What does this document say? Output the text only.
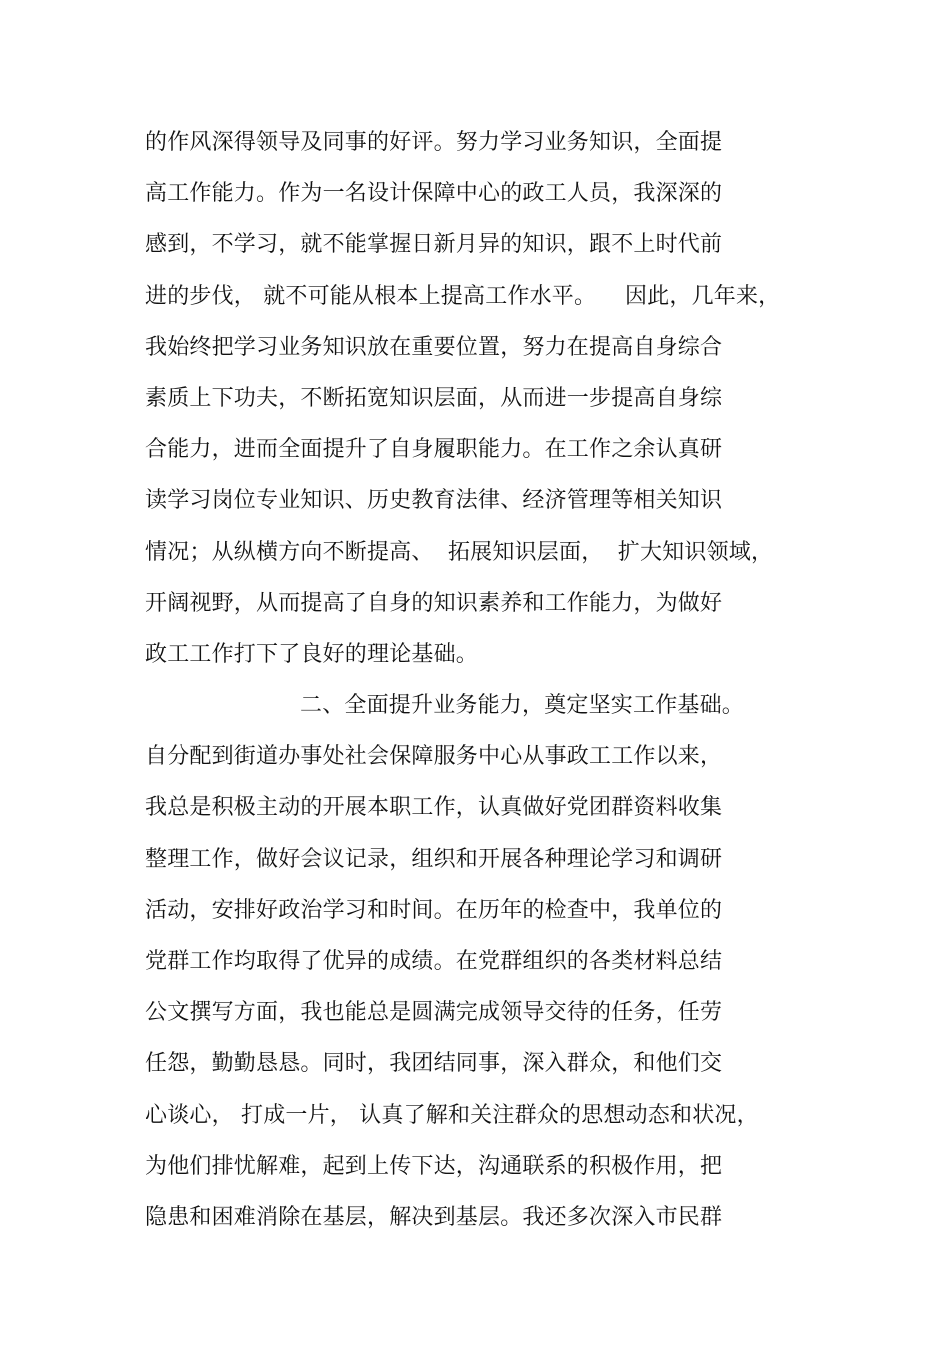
的作风深得领导及同事的好评。努力学习业务知识，全面提
高工作能力。作为一名设计保障中心的政工人员，我深深的
感到，不学习，就不能掌握日新月异的知识，跟不上时代前
进的步伐， 就不可能从根本上提高工作水平。    因此，几年来，
我始终把学习业务知识放在重要位置，努力在提高自身综合
素质上下功夫，不断拓宽知识层面，从而进一步提高自身综
合能力，进而全面提升了自身履职能力。在工作之余认真研
读学习岗位专业知识、历史教育法律、经济管理等相关知识
情况；从纵横方向不断提高、  拓展知识层面，  扩大知识领域，
开阔视野，从而提高了自身的知识素养和工作能力，为做好
政工工作打下了良好的理论基础。
二、全面提升业务能力，奠定坚实工作基础。
自分配到街道办事处社会保障服务中心从事政工工作以来，
我总是积极主动的开展本职工作，认真做好党团群资料收集
整理工作，做好会议记录，组织和开展各种理论学习和调研
活动，安排好政治学习和时间。在历年的检查中，我单位的
党群工作均取得了优异的成绩。在党群组织的各类材料总结
公文撰写方面，我也能总是圆满完成领导交待的任务，任劳
任怨，勤勤恳恳。同时，我团结同事，深入群众，和他们交
心谈心， 打成一片， 认真了解和关注群众的思想动态和状况，
为他们排忧解难，起到上传下达，沟通联系的积极作用，把
隐患和困难消除在基层，解决到基层。我还多次深入市民群
